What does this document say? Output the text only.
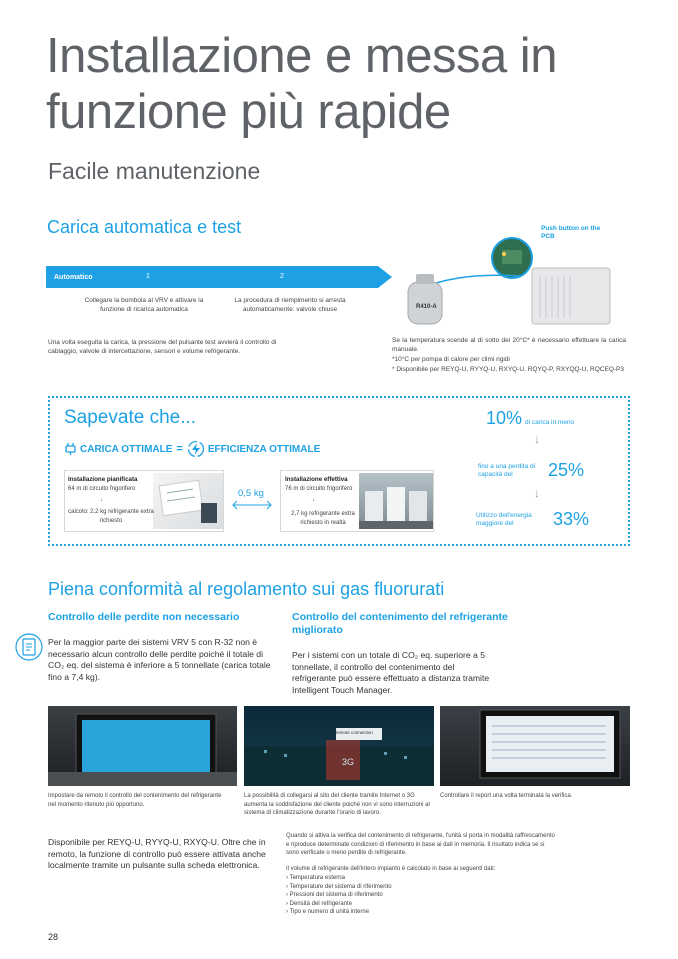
Installazione e messa in funzione più rapide
Facile manutenzione
Carica automatica e test
Automatico	1	2
Collegare la bombola al VRV e attivare la funzione di ricarica automatica
La procedura di riempimento si arresta automaticamente: valvole chiuse
Una volta eseguita la carica, la pressione del pulsante test avvierà il controllo di cablaggio, valvole di intercettazione, sensori e volume refrigerante.
Push button on the PCB
R410-A
Se la temperatura scende al di sotto dei 20°C* è necessario effettuare la carica manuale.
*10°C per pompa di calore per climi rigidi
* Disponibile per REYQ-U, RYYQ-U, RXYQ-U, RQYQ-P, RXYQQ-U, RQCEQ-P3
Sapevate che...
CARICA OTTIMALE =	EFFICIENZA OTTIMALE
Installazione pianificata
64 m di circuito frigorifero
↓
calcolo: 2,2 kg refrigerante extra richiesto
0,5 kg
Installazione effettiva
76 m di circuito frigorifero
↓
2,7 kg refrigerante extra richiesto in realtà
10% di carica in meno
↓
fino a una perdita di capacità del	25%
↓
Utilizzo dell'energia maggiore del	33%
Piena conformità al regolamento sui gas fluorurati
Controllo delle perdite non necessario
Per la maggior parte dei sistemi VRV 5 con R-32 non è necessario alcun controllo delle perdite poiché il totale di CO₂ eq. del sistema è inferiore a 5 tonnellate (carica totale fino a 7,4 kg).
Controllo del contenimento del refrigerante migliorato
Per i sistemi con un totale di CO₂ eq. superiore a 5 tonnellate, il controllo del contenimento del refrigerante può essere effettuato a distanza tramite Intelligent Touch Manager.
Remote connection
3G
Impostare da remoto il controllo del contenimento del refrigerante nel momento ritenuto più opportuno.
La possibilità di collegarsi al sito del cliente tramite Internet o 3G aumenta la soddisfazione del cliente poiché non vi sono interruzioni al sistema di climatizzazione durante l'orario di lavoro.
Controllare il report una volta terminata la verifica.
Disponibile per REYQ-U, RYYQ-U, RXYQ-U. Oltre che in remoto, la funzione di controllo può essere attivata anche localmente tramite un pulsante sulla scheda elettronica.
Quando si attiva la verifica del contenimento di refrigerante, l'unità si porta in modalità raffrescamento e riproduce determinate condizioni di riferimento in base ai dati in memoria. Il risultato indica se si sono verificate o meno perdite di refrigerante.
Il volume di refrigerante dell'intero impianto è calcolato in base ai seguenti dati:
› Temperatura esterna
› Temperature del sistema di riferimento
› Pressioni del sistema di riferimento
› Densità del refrigerante
› Tipo e numero di unità interne
28
